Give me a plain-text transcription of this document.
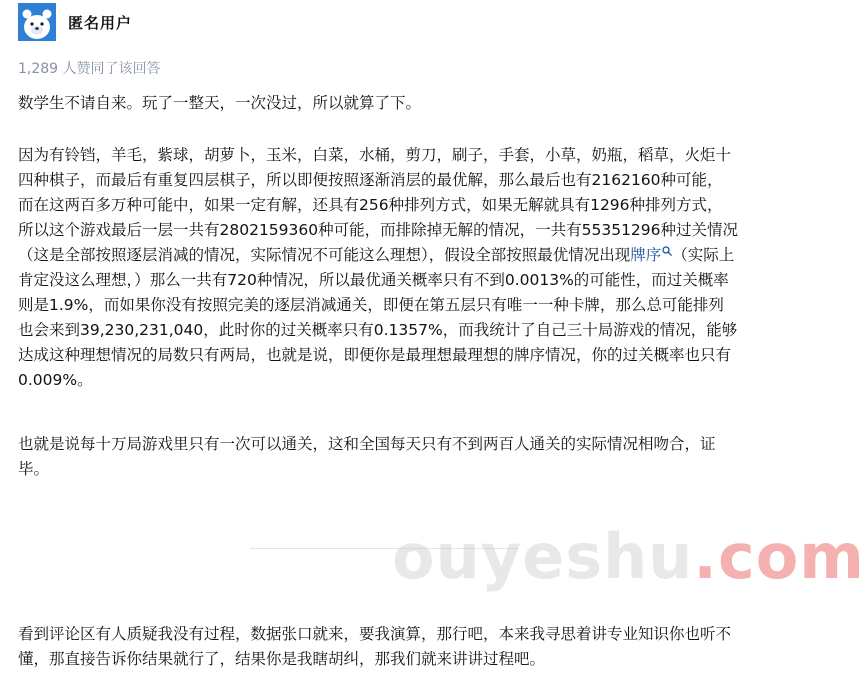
匿名用户
1,289 人赞同了该回答

数学生不请自来。玩了一整天，一次没过，所以就算了下。

因为有铃铛，羊毛，紫球，胡萝卜，玉米，白菜，水桶，剪刀，刷子，手套，小草，奶瓶，稻草，火炬十四种棋子，而最后有重复四层棋子，所以即便按照逐渐消层的最优解，那么最后也有2162160种可能，而在这两百多万种可能中，如果一定有解，还具有256种排列方式，如果无解就具有1296种排列方式，所以这个游戏最后一层一共有2802159360种可能，而排除掉无解的情况，一共有55351296种过关情况（这是全部按照逐层消减的情况，实际情况不可能这么理想），假设全部按照最优情况出现牌序 （实际上肯定没这么理想，）那么一共有720种情况，所以最优通关概率只有不到0.0013%的可能性，而过关概率则是1.9%，而如果你没有按照完美的逐层消减通关，即便在第五层只有唯一一种卡牌，那么总可能排列也会来到39,230,231,040，此时你的过关概率只有0.1357%，而我统计了自己三十局游戏的情况，能够达成这种理想情况的局数只有两局，也就是说，即便你是最理想最理想的牌序情况，你的过关概率也只有0.009%。

也就是说每十万局游戏里只有一次可以通关，这和全国每天只有不到两百人通关的实际情况相吻合，证毕。

ouyeshu.com

看到评论区有人质疑我没有过程，数据张口就来，要我演算，那行吧，本来我寻思着讲专业知识你也听不懂，那直接告诉你结果就行了，结果你是我瞎胡纠，那我们就来讲讲过程吧。
